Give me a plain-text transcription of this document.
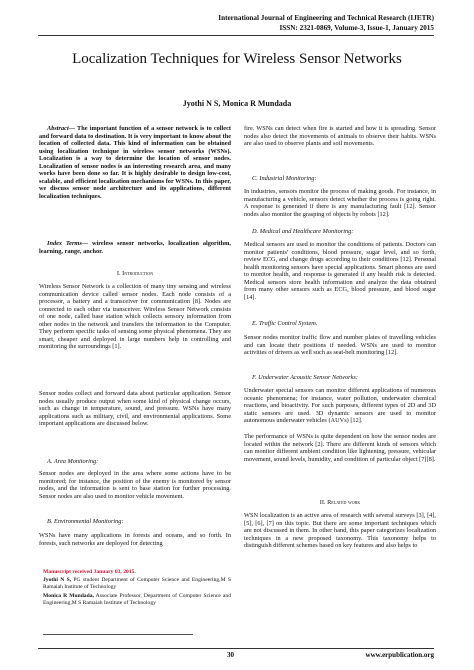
International Journal of Engineering and Technical Research (IJETR)
ISSN: 2321-0869, Volume-3, Issue-1, January 2015
Localization Techniques for Wireless Sensor Networks
Jyothi N S, Monica R Mundada

Abstract— The important function of a sensor network is to collect and forward data to destination. It is very important to know about the location of collected data. This kind of information can be obtained using localization technique in wireless sensor networks (WSNs). Localization is a way to determine the location of sensor nodes. Localization of sensor nodes is an interesting research area, and many works have been done so far. It is highly desirable to design low-cost, scalable, and efficient localization mechanisms for WSNs. In this paper, we discuss sensor node architecture and its applications, different localization techniques.

Index Terms— wireless sensor networks, localization algorithm, learning, range, anchor.

I. Introduction

Wireless Sensor Network is a collection of many tiny sensing and wireless communication device called sensor nodes. Each node consists of a processor, a battery and a transceiver for communication [8]. Nodes are connected to each other via transceiver. Wireless Sensor Network consists of one node, called base station which collects sensory information from other nodes in the network and transfers the information to the Computer. They perform specific tasks of sensing some physical phenomena. They are smart, cheaper and deployed in large numbers help in controlling and monitoring the surroundings [1].

Sensor nodes collect and forward data about particular application. Sensor nodes usually produce output when some kind of physical change occurs, such as change in temperature, sound, and pressure. WSNs have many applications such as military, civil, and environmental applications. Some important applications are discussed below.

A. Area Monitoring:

Sensor nodes are deployed in the area where some actions have to be monitored; for instance, the position of the enemy is monitored by sensor nodes, and the information is sent to base station for further processing. Sensor nodes are also used to monitor vehicle movement.

B. Environmental Monitoring:

WSNs have many applications in forests and oceans, and so forth. In forests, such networks are deployed for detecting

Manuscript received January 03, 2015.

Jyothi N S, PG student Department of Computer Science and Engineering,M S Ramaiah Institute of Technology

Monica R Mundada, Associate Professor, Department of Computer Science and Engineering,M S Ramaiah Institute of Technology

fire. WSNs can detect when fire is started and how it is spreading. Sensor nodes also detect the movements of animals to observe their habits. WSNs are also used to observe plants and soil movements.

C. Industrial Monitoring:

In industries, sensors monitor the process of making goods. For instance, in manufacturing a vehicle, sensors detect whether the process is going right. A response is generated if there is any manufacturing fault [12]. Sensor nodes also monitor the grasping of objects by robots [12].

D. Medical and Healthcare Monitoring:

Medical sensors are used to monitor the conditions of patients. Doctors can monitor patients' conditions, blood pressure, sugar level, and so forth, review ECG, and change drugs according to their conditions [12]. Personal health monitoring sensors have special applications. Smart phones are used to monitor health, and response is generated if any health risk is detected. Medical sensors store health information and analyze the data obtained from many other sensors such as ECG, blood pressure, and blood sugar [14].

E. Traffic Control System.

Sensor nodes monitor traffic flow and number plates of travelling vehicles and can locate their positions if needed. WSNs are used to monitor activities of drivers as well such as seat-belt monitoring [12].

F. Underwater Acoustic Sensor Networks:

Underwater special sensors can monitor different applications of numerous oceanic phenomena; for instance, water pollution, underwater chemical reactions, and bioactivity. For such purposes, different types of 2D and 3D static sensors are used. 3D dynamic sensors are used to monitor autonomous underwater vehicles (AUVs) [12].

The performance of WSNs is quite dependent on how the sensor nodes are located within the network [2]. There are different kinds of sensors which can monitor different ambient condition like lightening, pressure, vehicular movement, sound levels, humidity, and condition of particular object [7][8].

II. Related work

WSN localization is an active area of research with several surveys [3], [4], [5], [6], [7] on this topic. But there are some important techniques which are not discussed in them. In other hand, this paper categorizes localization techniques in a new proposed taxonomy. This taxonomy helps to distinguish different schemes based on key features and also helps to

30	www.erpublication.org
